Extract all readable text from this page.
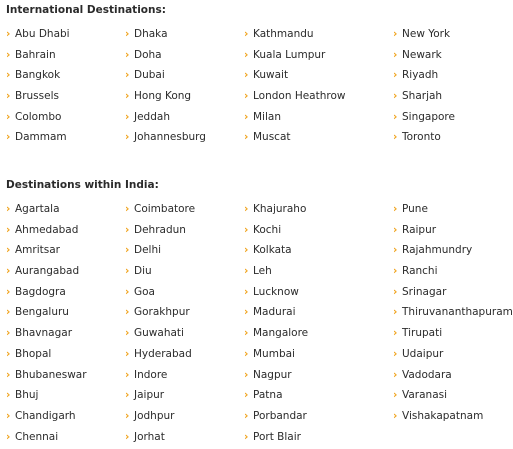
International Destinations:
› Abu Dhabi
› Bahrain
› Bangkok
› Brussels
› Colombo
› Dammam
› Dhaka
› Doha
› Dubai
› Hong Kong
› Jeddah
› Johannesburg
› Kathmandu
› Kuala Lumpur
› Kuwait
› London Heathrow
› Milan
› Muscat
› New York
› Newark
› Riyadh
› Sharjah
› Singapore
› Toronto
Destinations within India:
› Agartala
› Ahmedabad
› Amritsar
› Aurangabad
› Bagdogra
› Bengaluru
› Bhavnagar
› Bhopal
› Bhubaneswar
› Bhuj
› Chandigarh
› Chennai
› Coimbatore
› Dehradun
› Delhi
› Diu
› Goa
› Gorakhpur
› Guwahati
› Hyderabad
› Indore
› Jaipur
› Jodhpur
› Jorhat
› Khajuraho
› Kochi
› Kolkata
› Leh
› Lucknow
› Madurai
› Mangalore
› Mumbai
› Nagpur
› Patna
› Porbandar
› Port Blair
› Pune
› Raipur
› Rajahmundry
› Ranchi
› Srinagar
› Thiruvananthapuram
› Tirupati
› Udaipur
› Vadodara
› Varanasi
› Vishakapatnam
